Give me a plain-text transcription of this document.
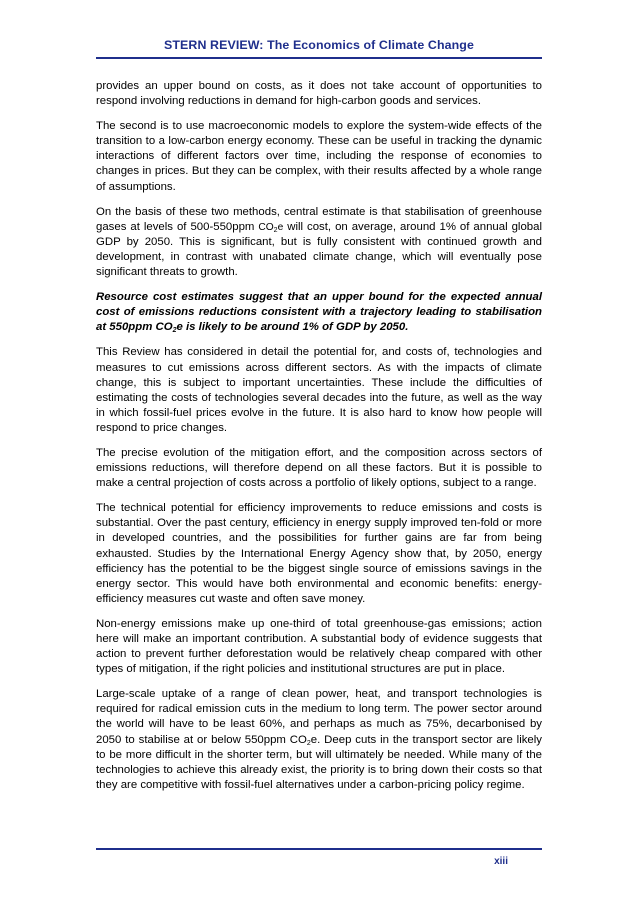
STERN REVIEW: The Economics of Climate Change

provides an upper bound on costs, as it does not take account of opportunities to respond involving reductions in demand for high-carbon goods and services.

The second is to use macroeconomic models to explore the system-wide effects of the transition to a low-carbon energy economy. These can be useful in tracking the dynamic interactions of different factors over time, including the response of economies to changes in prices. But they can be complex, with their results affected by a whole range of assumptions.

On the basis of these two methods, central estimate is that stabilisation of greenhouse gases at levels of 500-550ppm $CO_2e$ will cost, on average, around 1% of annual global GDP by 2050. This is significant, but is fully consistent with continued growth and development, in contrast with unabated climate change, which will eventually pose significant threats to growth.

Resource cost estimates suggest that an upper bound for the expected annual cost of emissions reductions consistent with a trajectory leading to stabilisation at 550ppm $CO_2e$ is likely to be around 1% of GDP by 2050.

This Review has considered in detail the potential for, and costs of, technologies and measures to cut emissions across different sectors. As with the impacts of climate change, this is subject to important uncertainties. These include the difficulties of estimating the costs of technologies several decades into the future, as well as the way in which fossil-fuel prices evolve in the future. It is also hard to know how people will respond to price changes.

The precise evolution of the mitigation effort, and the composition across sectors of emissions reductions, will therefore depend on all these factors. But it is possible to make a central projection of costs across a portfolio of likely options, subject to a range.

The technical potential for efficiency improvements to reduce emissions and costs is substantial. Over the past century, efficiency in energy supply improved ten-fold or more in developed countries, and the possibilities for further gains are far from being exhausted. Studies by the International Energy Agency show that, by 2050, energy efficiency has the potential to be the biggest single source of emissions savings in the energy sector. This would have both environmental and economic benefits: energy-efficiency measures cut waste and often save money.

Non-energy emissions make up one-third of total greenhouse-gas emissions; action here will make an important contribution. A substantial body of evidence suggests that action to prevent further deforestation would be relatively cheap compared with other types of mitigation, if the right policies and institutional structures are put in place.

Large-scale uptake of a range of clean power, heat, and transport technologies is required for radical emission cuts in the medium to long term. The power sector around the world will have to be least 60%, and perhaps as much as 75%, decarbonised by 2050 to stabilise at or below 550ppm $CO_2e$. Deep cuts in the transport sector are likely to be more difficult in the shorter term, but will ultimately be needed. While many of the technologies to achieve this already exist, the priority is to bring down their costs so that they are competitive with fossil-fuel alternatives under a carbon-pricing policy regime.

xiii
